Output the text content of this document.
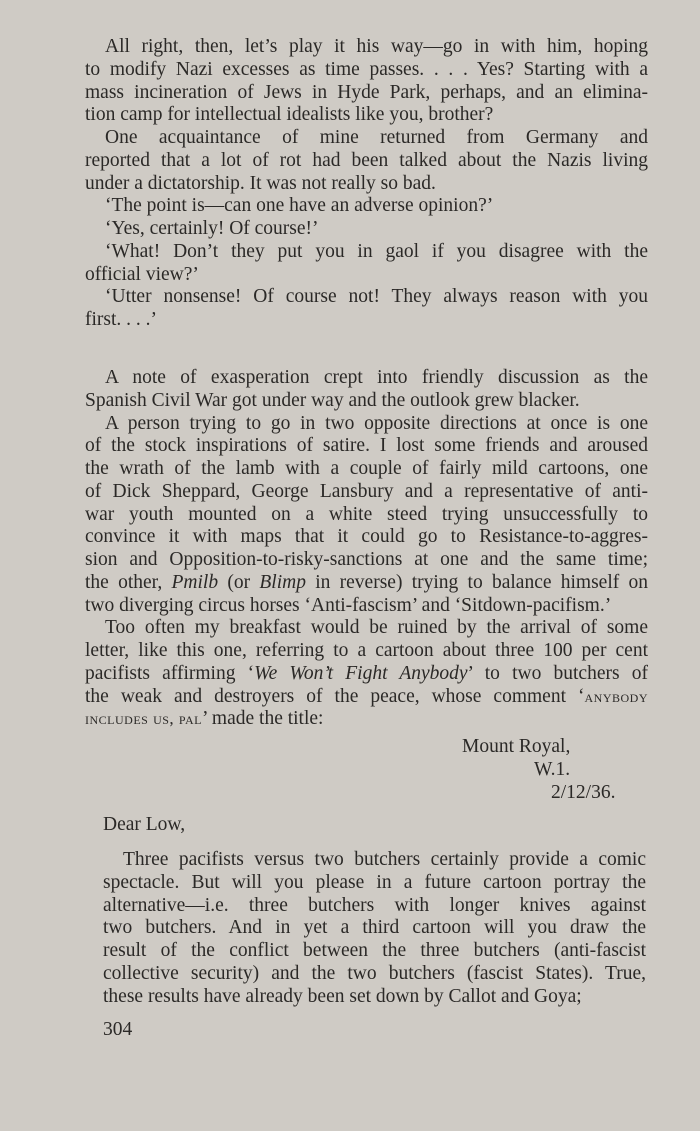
All right, then, let’s play it his way—go in with him, hoping
to modify Nazi excesses as time passes. . . . Yes? Starting with a
mass incineration of Jews in Hyde Park, perhaps, and an elimina-
tion camp for intellectual idealists like you, brother?
One acquaintance of mine returned from Germany and
reported that a lot of rot had been talked about the Nazis living
under a dictatorship. It was not really so bad.
‘The point is—can one have an adverse opinion?’
‘Yes, certainly! Of course!’
‘What! Don’t they put you in gaol if you disagree with the
official view?’
‘Utter nonsense! Of course not! They always reason with you
first. . . .’
A note of exasperation crept into friendly discussion as the
Spanish Civil War got under way and the outlook grew blacker.
A person trying to go in two opposite directions at once is one
of the stock inspirations of satire. I lost some friends and aroused
the wrath of the lamb with a couple of fairly mild cartoons, one
of Dick Sheppard, George Lansbury and a representative of anti-
war youth mounted on a white steed trying unsuccessfully to
convince it with maps that it could go to Resistance-to-aggres-
sion and Opposition-to-risky-sanctions at one and the same time;
the other, Pmilb (or Blimp in reverse) trying to balance himself on
two diverging circus horses ‘Anti-fascism’ and ‘Sitdown-pacifism.’
Too often my breakfast would be ruined by the arrival of some
letter, like this one, referring to a cartoon about three 100 per cent
pacifists affirming ‘We Won’t Fight Anybody’ to two butchers of
the weak and destroyers of the peace, whose comment ‘anybody
includes us, pal’ made the title:
Mount Royal,
W.1.
2/12/36.
Dear Low,
Three pacifists versus two butchers certainly provide a comic
spectacle. But will you please in a future cartoon portray the
alternative—i.e. three butchers with longer knives against
two butchers. And in yet a third cartoon will you draw the
result of the conflict between the three butchers (anti-fascist
collective security) and the two butchers (fascist States). True,
these results have already been set down by Callot and Goya;
304
